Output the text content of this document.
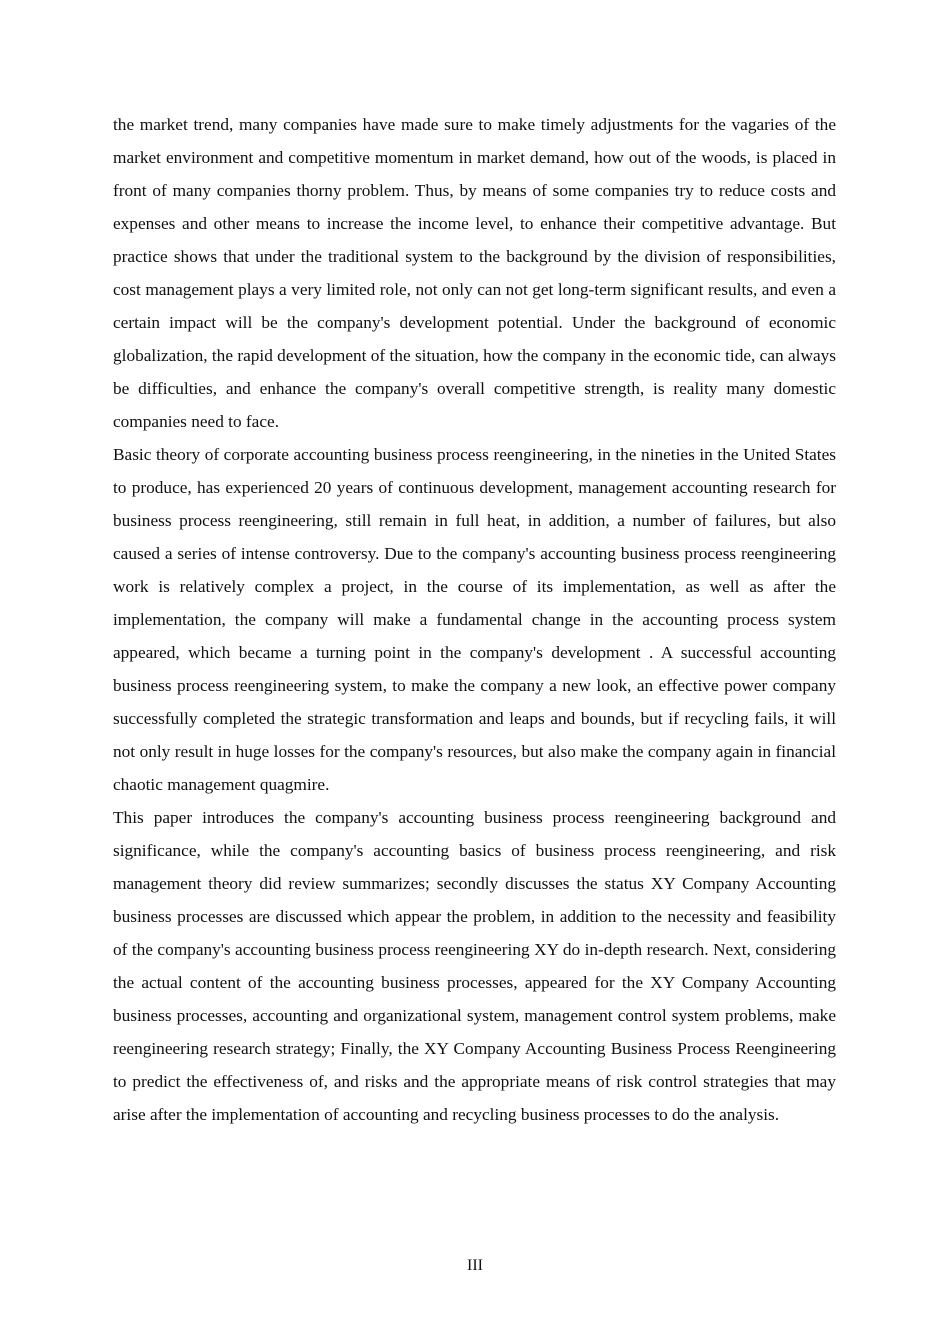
the market trend, many companies have made sure to make timely adjustments for the vagaries of the market environment and competitive momentum in market demand, how out of the woods, is placed in front of many companies thorny problem. Thus, by means of some companies try to reduce costs and expenses and other means to increase the income level, to enhance their competitive advantage. But practice shows that under the traditional system to the background by the division of responsibilities, cost management plays a very limited role, not only can not get long-term significant results, and even a certain impact will be the company's development potential. Under the background of economic globalization, the rapid development of the situation, how the company in the economic tide, can always be difficulties, and enhance the company's overall competitive strength, is reality many domestic companies need to face.

Basic theory of corporate accounting business process reengineering, in the nineties in the United States to produce, has experienced 20 years of continuous development, management accounting research for business process reengineering, still remain in full heat, in addition, a number of failures, but also caused a series of intense controversy. Due to the company's accounting business process reengineering work is relatively complex a project, in the course of its implementation, as well as after the implementation, the company will make a fundamental change in the accounting process system appeared, which became a turning point in the company's development . A successful accounting business process reengineering system, to make the company a new look, an effective power company successfully completed the strategic transformation and leaps and bounds, but if recycling fails, it will not only result in huge losses for the company's resources, but also make the company again in financial chaotic management quagmire.

This paper introduces the company's accounting business process reengineering background and significance, while the company's accounting basics of business process reengineering, and risk management theory did review summarizes; secondly discusses the status XY Company Accounting business processes are discussed which appear the problem, in addition to the necessity and feasibility of the company's accounting business process reengineering XY do in-depth research. Next, considering the actual content of the accounting business processes, appeared for the XY Company Accounting business processes, accounting and organizational system, management control system problems, make reengineering research strategy; Finally, the XY Company Accounting Business Process Reengineering to predict the effectiveness of, and risks and the appropriate means of risk control strategies that may arise after the implementation of accounting and recycling business processes to do the analysis.

III
